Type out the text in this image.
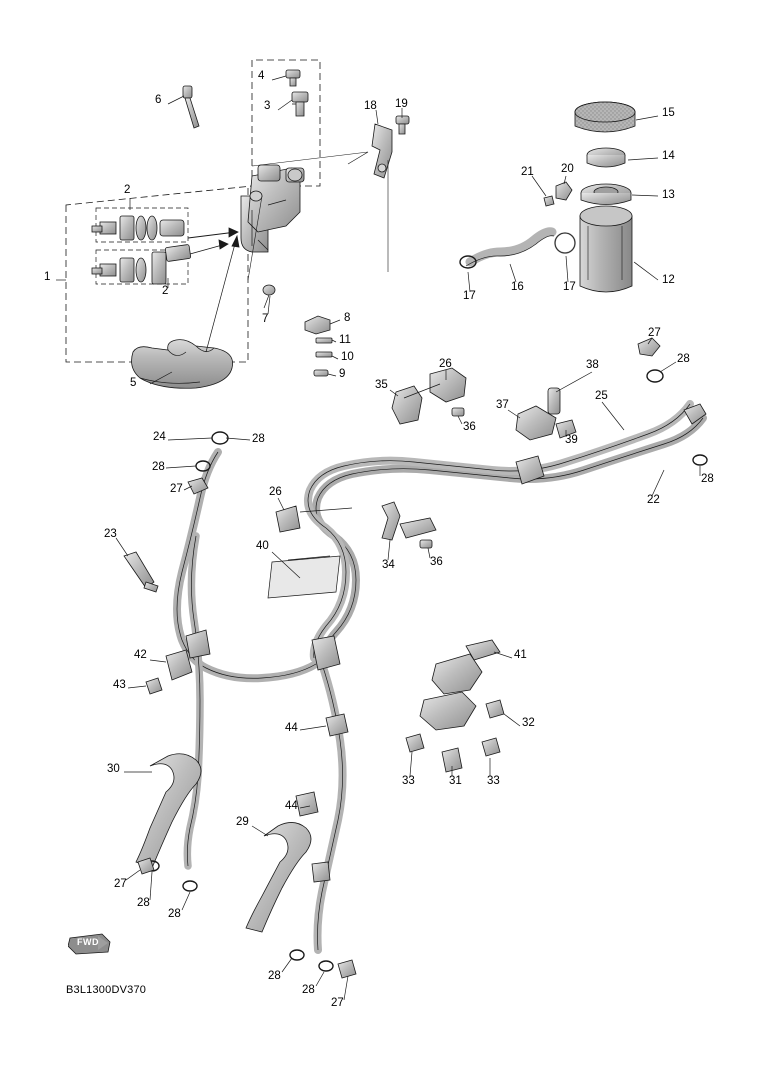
1
2
2
3
4
5
6
7	8
9
10
11
12
13
14
15
16
17
17
18 19
20
21
22
23
24
25
26
26
27
27
27
27
28
28
28
28
28
28
28
28
29
30
31
32
33	33
34
35
36
36
37
38
39
40
41
42
43
44
44
FWD
B3L1300DV370
